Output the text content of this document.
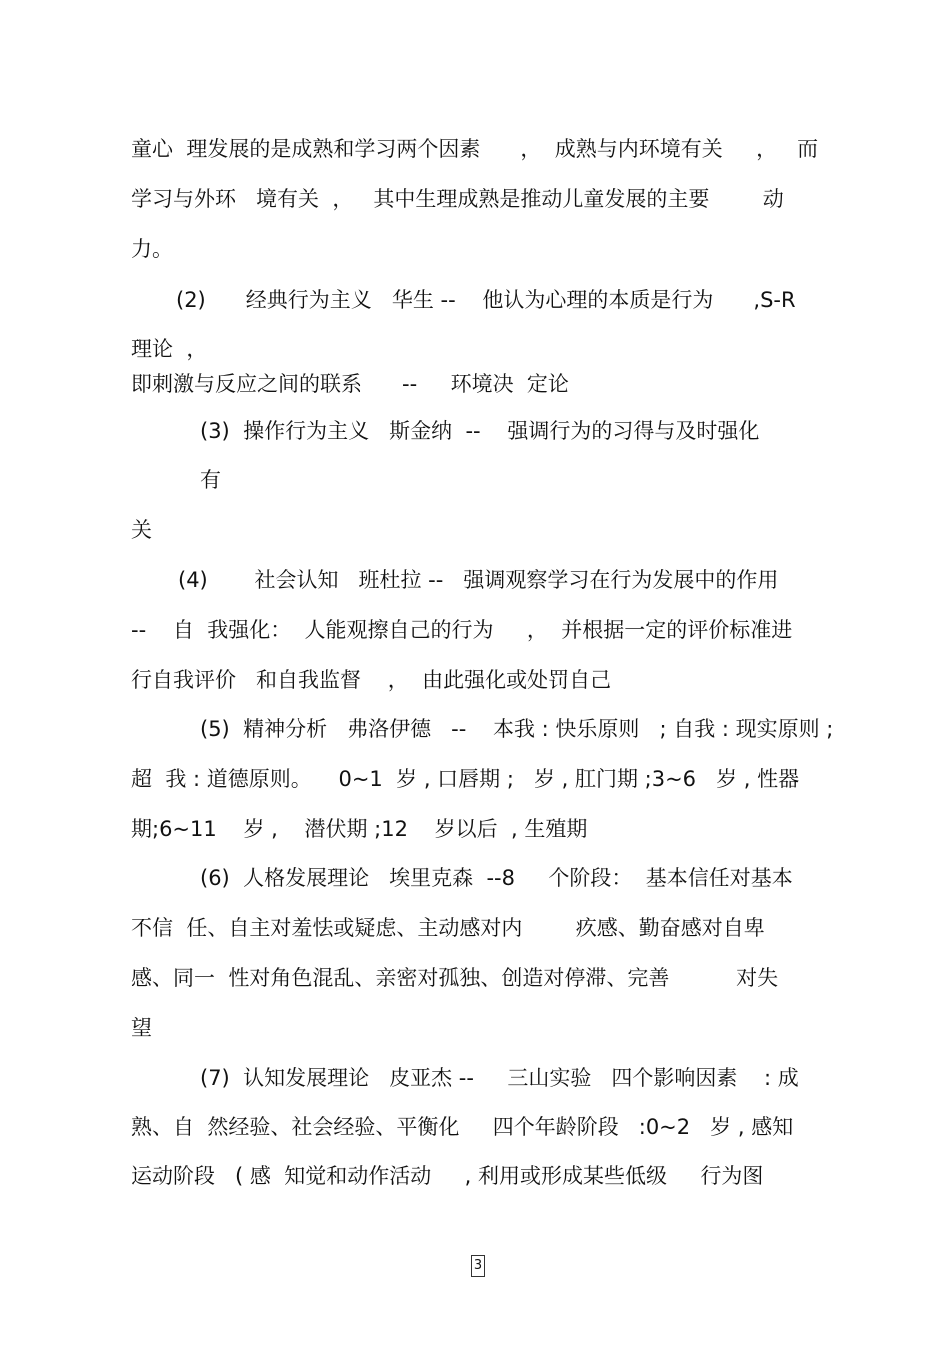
童心  理发展的是成熟和学习两个因素      ，  成熟与内环境有关     ，   而
学习与外环   境有关  ，   其中生理成熟是推动儿童发展的主要        动
力。
(2)      经典行为主义   华生 --    他认为心理的本质是行为      ,S-R
理论  ，
即刺激与反应之间的联系      --     环境决  定论
(3)  操作行为主义   斯金纳  --    强调行为的习得与及时强化
有
关
(4)       社会认知   班杜拉 --   强调观察学习在行为发展中的作用
--    自  我强化：  人能观擦自己的行为     ，  并根据一定的评价标准进
行自我评价   和自我监督    ，  由此强化或处罚自己
(5)  精神分析   弗洛伊德   --    本我 : 快乐原则   ; 自我 : 现实原则 ;
超  我 : 道德原则。    0~1  岁 , 口唇期 ;   岁 , 肛门期 ;3~6   岁 , 性器
期;6~11    岁 ,    潜伏期 ;12    岁以后  , 生殖期
(6)  人格发展理论   埃里克森  --8     个阶段：  基本信任对基本
不信  任、自主对羞怯或疑虑、主动感对内        疚感、勤奋感对自卑
感、同一  性对角色混乱、亲密对孤独、创造对停滞、完善          对失
望
(7)  认知发展理论   皮亚杰 --     三山实验   四个影响因素    : 成
熟、自  然经验、社会经验、平衡化     四个年龄阶段   :0~2   岁 , 感知
运动阶段   ( 感  知觉和动作活动     , 利用或形成某些低级     行为图
3
